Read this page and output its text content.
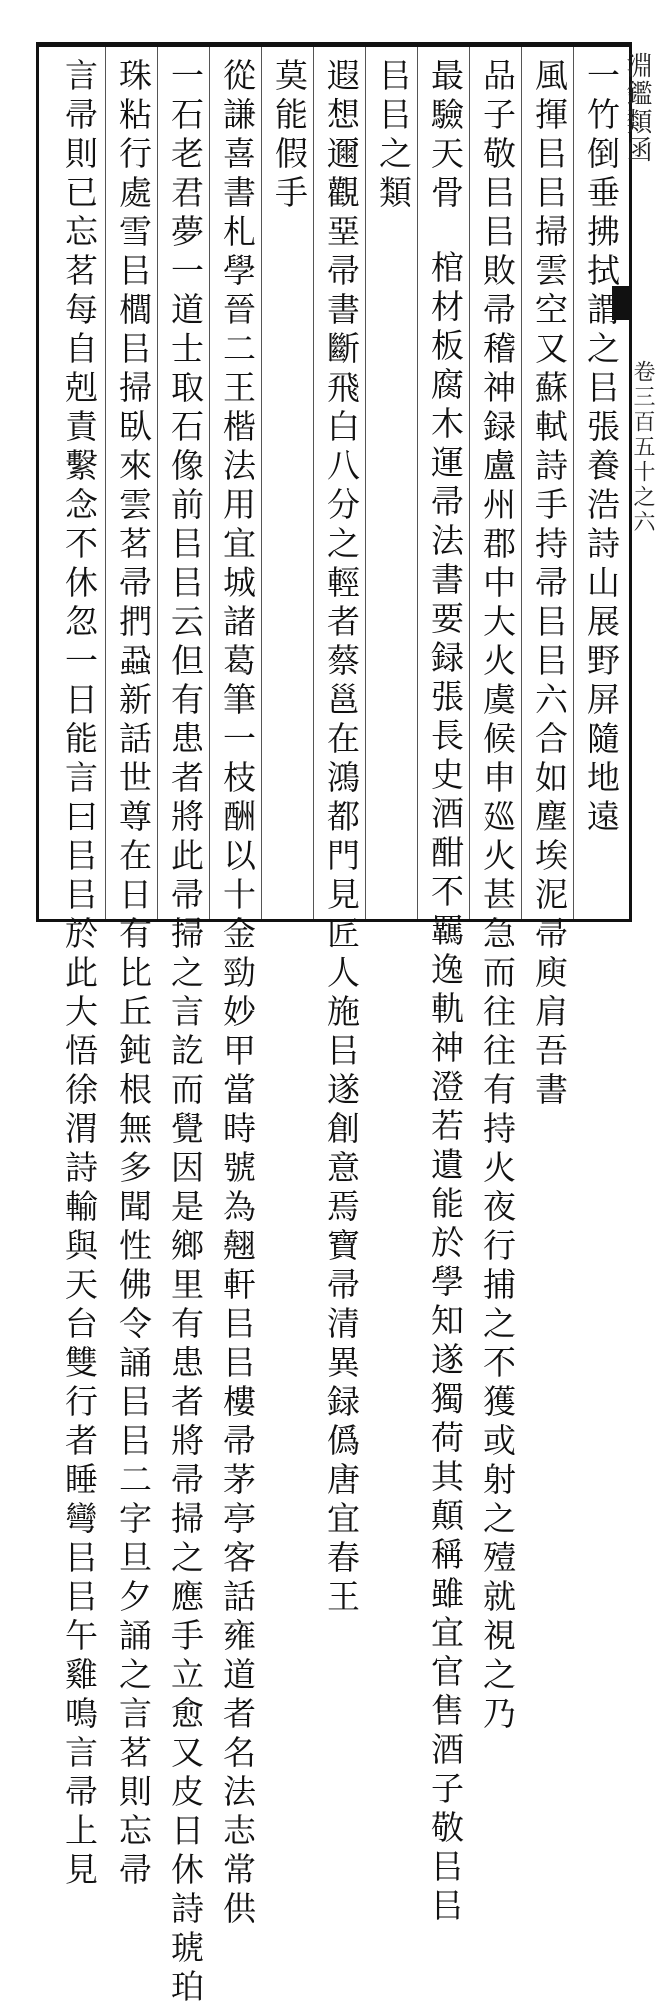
淵鑑類函
卷三百五十之六
一竹倒垂拂拭謂之㠯張養浩詩山展野屏隨地遠
風揮㠯㠯掃雲空又蘇軾詩手持帚㠯㠯六合如塵埃泥帚庾肩吾書
品子敬㠯㠯敗帚稽神録盧州郡中大火虞候申廵火甚急而往往有持火夜行捕之不獲或射之殪就視之乃
最驗天骨
棺材板腐木運帚法書要録張長史酒酣不羈逸軌神澄若遺能於學知遂獨荷其顛稱雖宜官售酒子敬㠯㠯
㠯㠯之類
遐想邇觀堊帚書斷飛白八分之輕者蔡邕在鴻都門見匠人施㠯遂創意焉寶帚清異録僞唐宜春王
莫能假手
從謙喜書札學晉二王楷法用宜城諸葛筆一枝酬以十金勁妙甲當時號為翹軒㠯㠯樓帚茅亭客話雍道者名法志常供
一石老君夢一道士取石像前㠯㠯云但有患者將此帚掃之言訖而覺因是鄉里有患者將帚掃之應手立愈又皮日休詩琥珀
珠粘行處雪㠯櫚㠯掃臥來雲茗帚捫蝨新話世尊在日有比丘鈍根無多聞性佛令誦㠯㠯二字旦夕誦之言茗則忘帚
言帚則已忘茗每自剋責繫念不休忽一日能言曰㠯㠯於此大悟徐渭詩輸與天台雙行者睡彎㠯㠯午雞鳴言帚上見
